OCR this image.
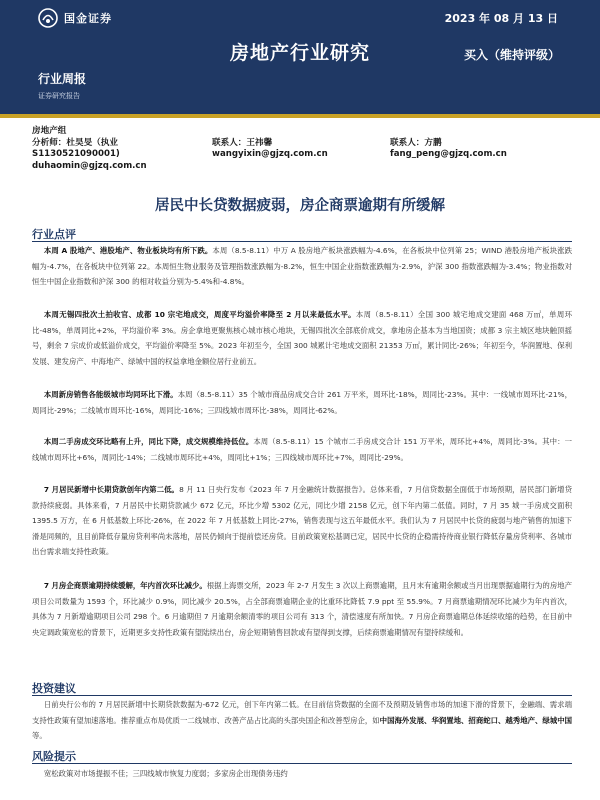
国金证券	2023 年 08 月 13 日
房地产行业研究	买入（维持评级）
行业周报
证券研究报告
房地产组
分析师：杜昊旻（执业
S1130521090001)
duhaomin@gjzq.com.cn
联系人：王祎馨
wangyixin@gjzq.com.cn
联系人：方鹏
fang_peng@gjzq.com.cn
居民中长贷数据疲弱，房企商票逾期有所缓解
行业点评

本周 A 股地产、港股地产、物业板块均有所下跌。本周（8.5-8.11）中万 A 股房地产板块涨跌幅为-4.6%，在各板块中位列第 25；WIND 港股房地产板块涨跌幅为-4.7%，在各板块中位列第 22。本周恒生物业服务及管理指数涨跌幅为-8.2%，恒生中国企业指数涨跌幅为-2.9%，沪深 300 指数涨跌幅为-3.4%；物业指数对恒生中国企业指数和沪深 300 的相对收益分别为-5.4%和-4.8%。

本周无锡四批次土拍收官、成都 10 宗宅地成交，周度平均溢价率降至 2 月以来最低水平。本周（8.5-8.11）全国 300 城宅地成交建面 468 万㎡，单周环比-48%，单周同比+2%，平均溢价率 3%。房企拿地更聚焦核心城市核心地块，无锡四批次全部底价成交，拿地房企基本为当地国资；成都 3 宗主城区地块触顶摇号，剩余 7 宗成价或低溢价成交，平均溢价率降至 5%。2023 年初至今，全国 300 城累计宅地成交面积 21353 万㎡，累计同比-26%；年初至今，华润置地、保利发展、建发房产、中海地产、绿城中国的权益拿地金额位居行业前五。

本周新房销售各能级城市均同环比下滑。本周（8.5-8.11）35 个城市商品房成交合计 261 万平米，周环比-18%，周同比-23%。其中：一线城市周环比-21%，周同比-29%；二线城市周环比-16%，周同比-16%；三四线城市周环比-38%，周同比-62%。

本周二手房成交环比略有上升，同比下降，成交规模维持低位。本周（8.5-8.11）15 个城市二手房成交合计 151 万平米，周环比+4%，周同比-3%。其中：一线城市周环比+6%，周同比-14%；二线城市周环比+4%，周同比+1%；三四线城市周环比+7%，周同比-29%。

7 月居民新增中长期贷款创年内第二低。8 月 11 日央行发布《2023 年 7 月金融统计数据报告》。总体来看，7 月信贷数据全面低于市场预期，居民部门新增贷款持续疲弱。具体来看，7 月居民中长期贷款减少 672 亿元，环比少增 5302 亿元，同比少增 2158 亿元，创下年内第二低值。同时，7 月 35 城一手房成交面积 1395.5 万方，在 6 月低基数上环比-26%，在 2022 年 7 月低基数上同比-27%，销售表现与这五年最低水平。我们认为 7 月居民中长贷的疲弱与地产销售的加速下滑是同频的，且目前降低存量房贷利率尚未落地，居民仍倾向于提前偿还房贷。目前政策宽松基调已定，居民中长贷的企稳需持待商业银行降低存量房贷利率、各城市出台需求端支持性政策。

7 月房企商票逾期持续缓解，年内首次环比减少。根据上海票交所，2023 年 2-7 月发生 3 次以上商票逾期，且月末有逾期余额或当月出现票据逾期行为的房地产项目公司数量为 1593 个，环比减少 0.9%，同比减少 20.5%，占全部商票逾期企业的比重环比降低 7.9 ppt 至 55.9%。7 月商票逾期情况环比减少为年内首次，具体为 7 月新增逾期项目公司 298 个。6 月逾期但 7 月逾期余额清零的项目公司有 313 个，清偿速度有所加快。7 月房企商票逾期总体延续收缩的趋势，在目前中央定调政策宽松的背景下，近期更多支持性政策有望陆续出台，房企短期销售回款或有望得到支撑，后续商票逾期情况有望持续缓和。

投资建议

日前央行公布的 7 月居民新增中长期贷款数据为-672 亿元，创下年内第二低。在目前信贷数据的全面不及预期及销售市场的加速下滑的背景下，金融端、需求端支持性政策有望加速落地。推荐重点布局优质一二线城市、改善产品占比高的头部央国企和改善型房企，如中国海外发展、华润置地、招商蛇口、越秀地产、绿城中国等。

风险提示

宽松政策对市场提振不佳；三四线城市恢复力度弱；多家房企出现债务违约
